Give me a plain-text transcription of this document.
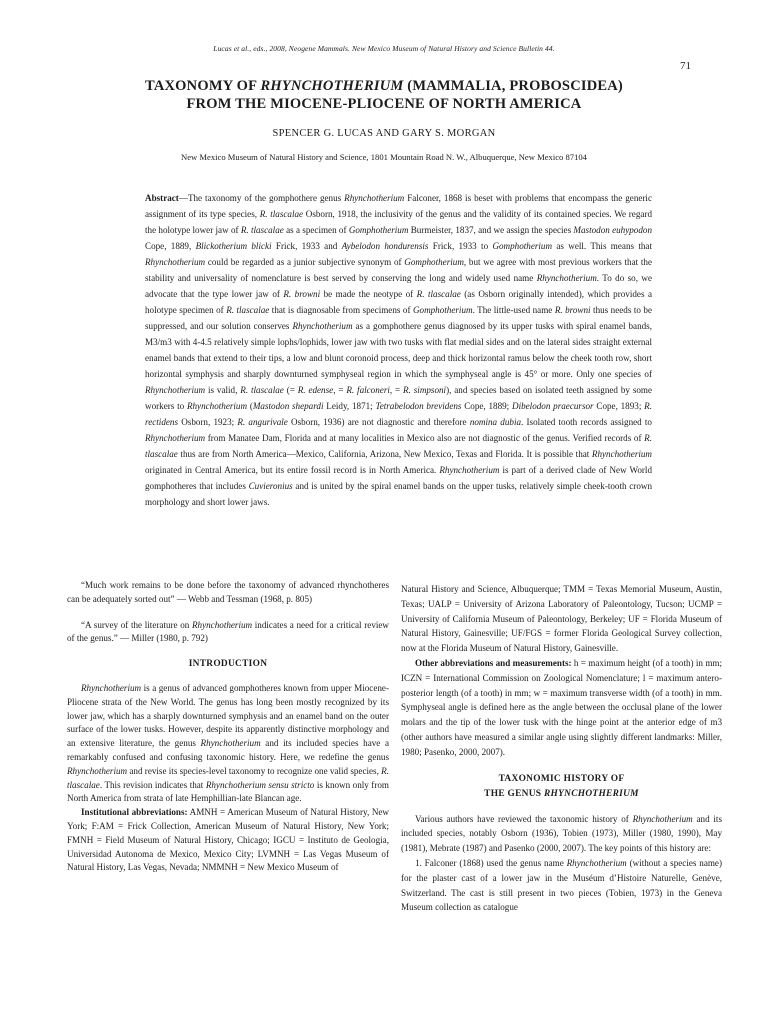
Lucas et al., eds., 2008, Neogene Mammals. New Mexico Museum of Natural History and Science Bulletin 44.
71
TAXONOMY OF RHYNCHOTHERIUM (MAMMALIA, PROBOSCIDEA)
FROM THE MIOCENE-PLIOCENE OF NORTH AMERICA
SPENCER G. LUCAS AND GARY S. MORGAN
New Mexico Museum of Natural History and Science, 1801 Mountain Road N. W., Albuquerque, New Mexico 87104
Abstract—The taxonomy of the gomphothere genus Rhynchotherium Falconer, 1868 is beset with problems that encompass the generic assignment of its type species, R. tlascalae Osborn, 1918, the inclusivity of the genus and the validity of its contained species. We regard the holotype lower jaw of R. tlascalae as a specimen of Gomphotherium Burmeister, 1837, and we assign the species Mastodon euhypodon Cope, 1889, Blickotherium blicki Frick, 1933 and Aybelodon hondurensis Frick, 1933 to Gomphotherium as well. This means that Rhynchotherium could be regarded as a junior subjective synonym of Gomphotherium, but we agree with most previous workers that the stability and universality of nomenclature is best served by conserving the long and widely used name Rhynchotherium. To do so, we advocate that the type lower jaw of R. browni be made the neotype of R. tlascalae (as Osborn originally intended), which provides a holotype specimen of R. tlascalae that is diagnosable from specimens of Gomphotherium. The little-used name R. browni thus needs to be suppressed, and our solution conserves Rhynchotherium as a gomphothere genus diagnosed by its upper tusks with spiral enamel bands, M3/m3 with 4-4.5 relatively simple lophs/lophids, lower jaw with two tusks with flat medial sides and on the lateral sides straight external enamel bands that extend to their tips, a low and blunt coronoid process, deep and thick horizontal ramus below the cheek tooth row, short horizontal symphysis and sharply downturned symphyseal region in which the symphyseal angle is 45° or more. Only one species of Rhynchotherium is valid, R. tlascalae (= R. edense, = R. falconeri, = R. simpsoni), and species based on isolated teeth assigned by some workers to Rhynchotherium (Mastodon shepardi Leidy, 1871; Tetrabelodon brevidens Cope, 1889; Dibelodon praecursor Cope, 1893; R. rectidens Osborn, 1923; R. angurivale Osborn, 1936) are not diagnostic and therefore nomina dubia. Isolated tooth records assigned to Rhynchotherium from Manatee Dam, Florida and at many localities in Mexico also are not diagnostic of the genus. Verified records of R. tlascalae thus are from North America—Mexico, California, Arizona, New Mexico, Texas and Florida. It is possible that Rhynchotherium originated in Central America, but its entire fossil record is in North America. Rhynchotherium is part of a derived clade of New World gomphotheres that includes Cuvieronius and is united by the spiral enamel bands on the upper tusks, relatively simple cheek-tooth crown morphology and short lower jaws.

“Much work remains to be done before the taxonomy of advanced rhynchotheres can be adequately sorted out” — Webb and Tessman (1968, p. 805)

“A survey of the literature on Rhynchotherium indicates a need for a critical review of the genus.” — Miller (1980, p. 792)

INTRODUCTION

Rhynchotherium is a genus of advanced gomphotheres known from upper Miocene-Pliocene strata of the New World. The genus has long been mostly recognized by its lower jaw, which has a sharply downturned symphysis and an enamel band on the outer surface of the lower tusks. However, despite its apparently distinctive morphology and an extensive literature, the genus Rhynchotherium and its included species have a remarkably confused and confusing taxonomic history. Here, we redefine the genus Rhynchotherium and revise its species-level taxonomy to recognize one valid species, R. tlascalae. This revision indicates that Rhynchotherium sensu stricto is known only from North America from strata of late Hemphillian-late Blancan age.

Institutional abbreviations: AMNH = American Museum of Natural History, New York; F:AM = Frick Collection, American Museum of Natural History, New York; FMNH = Field Museum of Natural History, Chicago; IGCU = Instituto de Geologia, Universidad Autonoma de Mexico, Mexico City; LVMNH = Las Vegas Museum of Natural History, Las Vegas, Nevada; NMMNH = New Mexico Museum of

Natural History and Science, Albuquerque; TMM = Texas Memorial Museum, Austin, Texas; UALP = University of Arizona Laboratory of Paleontology, Tucson; UCMP = University of California Museum of Paleontology, Berkeley; UF = Florida Museum of Natural History, Gainesville; UF/FGS = former Florida Geological Survey collection, now at the Florida Museum of Natural History, Gainesville.

Other abbreviations and measurements: h = maximum height (of a tooth) in mm; ICZN = International Commission on Zoological Nomenclature; l = maximum antero-posterior length (of a tooth) in mm; w = maximum transverse width (of a tooth) in mm. Symphyseal angle is defined here as the angle between the occlusal plane of the lower molars and the tip of the lower tusk with the hinge point at the anterior edge of m3 (other authors have measured a similar angle using slightly different landmarks: Miller, 1980; Pasenko, 2000, 2007).

TAXONOMIC HISTORY OF
THE GENUS RHYNCHOTHERIUM

Various authors have reviewed the taxonomic history of Rhynchotherium and its included species, notably Osborn (1936), Tobien (1973), Miller (1980, 1990), May (1981), Mebrate (1987) and Pasenko (2000, 2007). The key points of this history are:

1. Falconer (1868) used the genus name Rhynchotherium (without a species name) for the plaster cast of a lower jaw in the Muséum d’Histoire Naturelle, Genève, Switzerland. The cast is still present in two pieces (Tobien, 1973) in the Geneva Museum collection as catalogue
